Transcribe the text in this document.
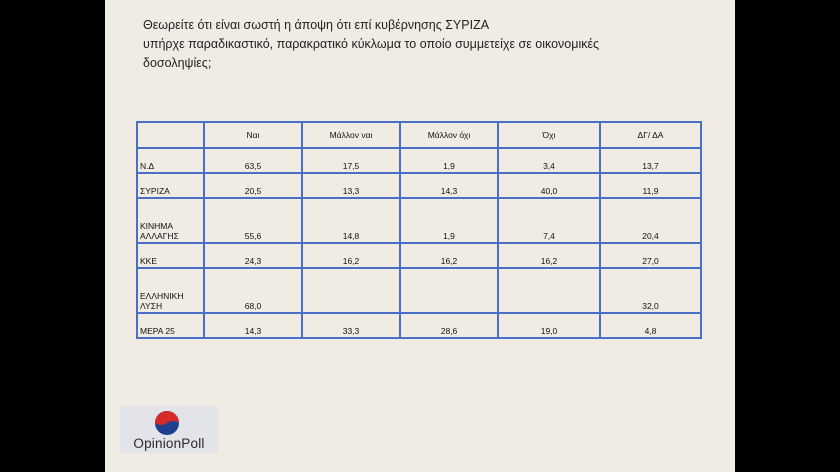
Θεωρείτε ότι είναι σωστή η άποψη ότι επί κυβέρνησης ΣΥΡΙΖΑ
υπήρχε παραδικαστικό, παρακρατικό κύκλωμα το οποίο συμμετείχε σε οικονομικές
δοσοληψίες;
	Ναι	Μάλλον ναι	Μάλλον όχι	Όχι	ΔΓ/ ΔΑ
Ν.Δ	63,5	17,5	1,9	3,4	13,7
ΣΥΡΙΖΑ	20,5	13,3	14,3	40,0	11,9
ΚΙΝΗΜΑ
ΑΛΛΑΓΗΣ	55,6	14,8	1,9	7,4	20,4
ΚΚΕ	24,3	16,2	16,2	16,2	27,0
ΕΛΛΗΝΙΚΗ
ΛΥΣΗ	68,0				32,0
ΜΕΡΑ 25	14,3	33,3	28,6	19,0	4,8
OpinionPoll
